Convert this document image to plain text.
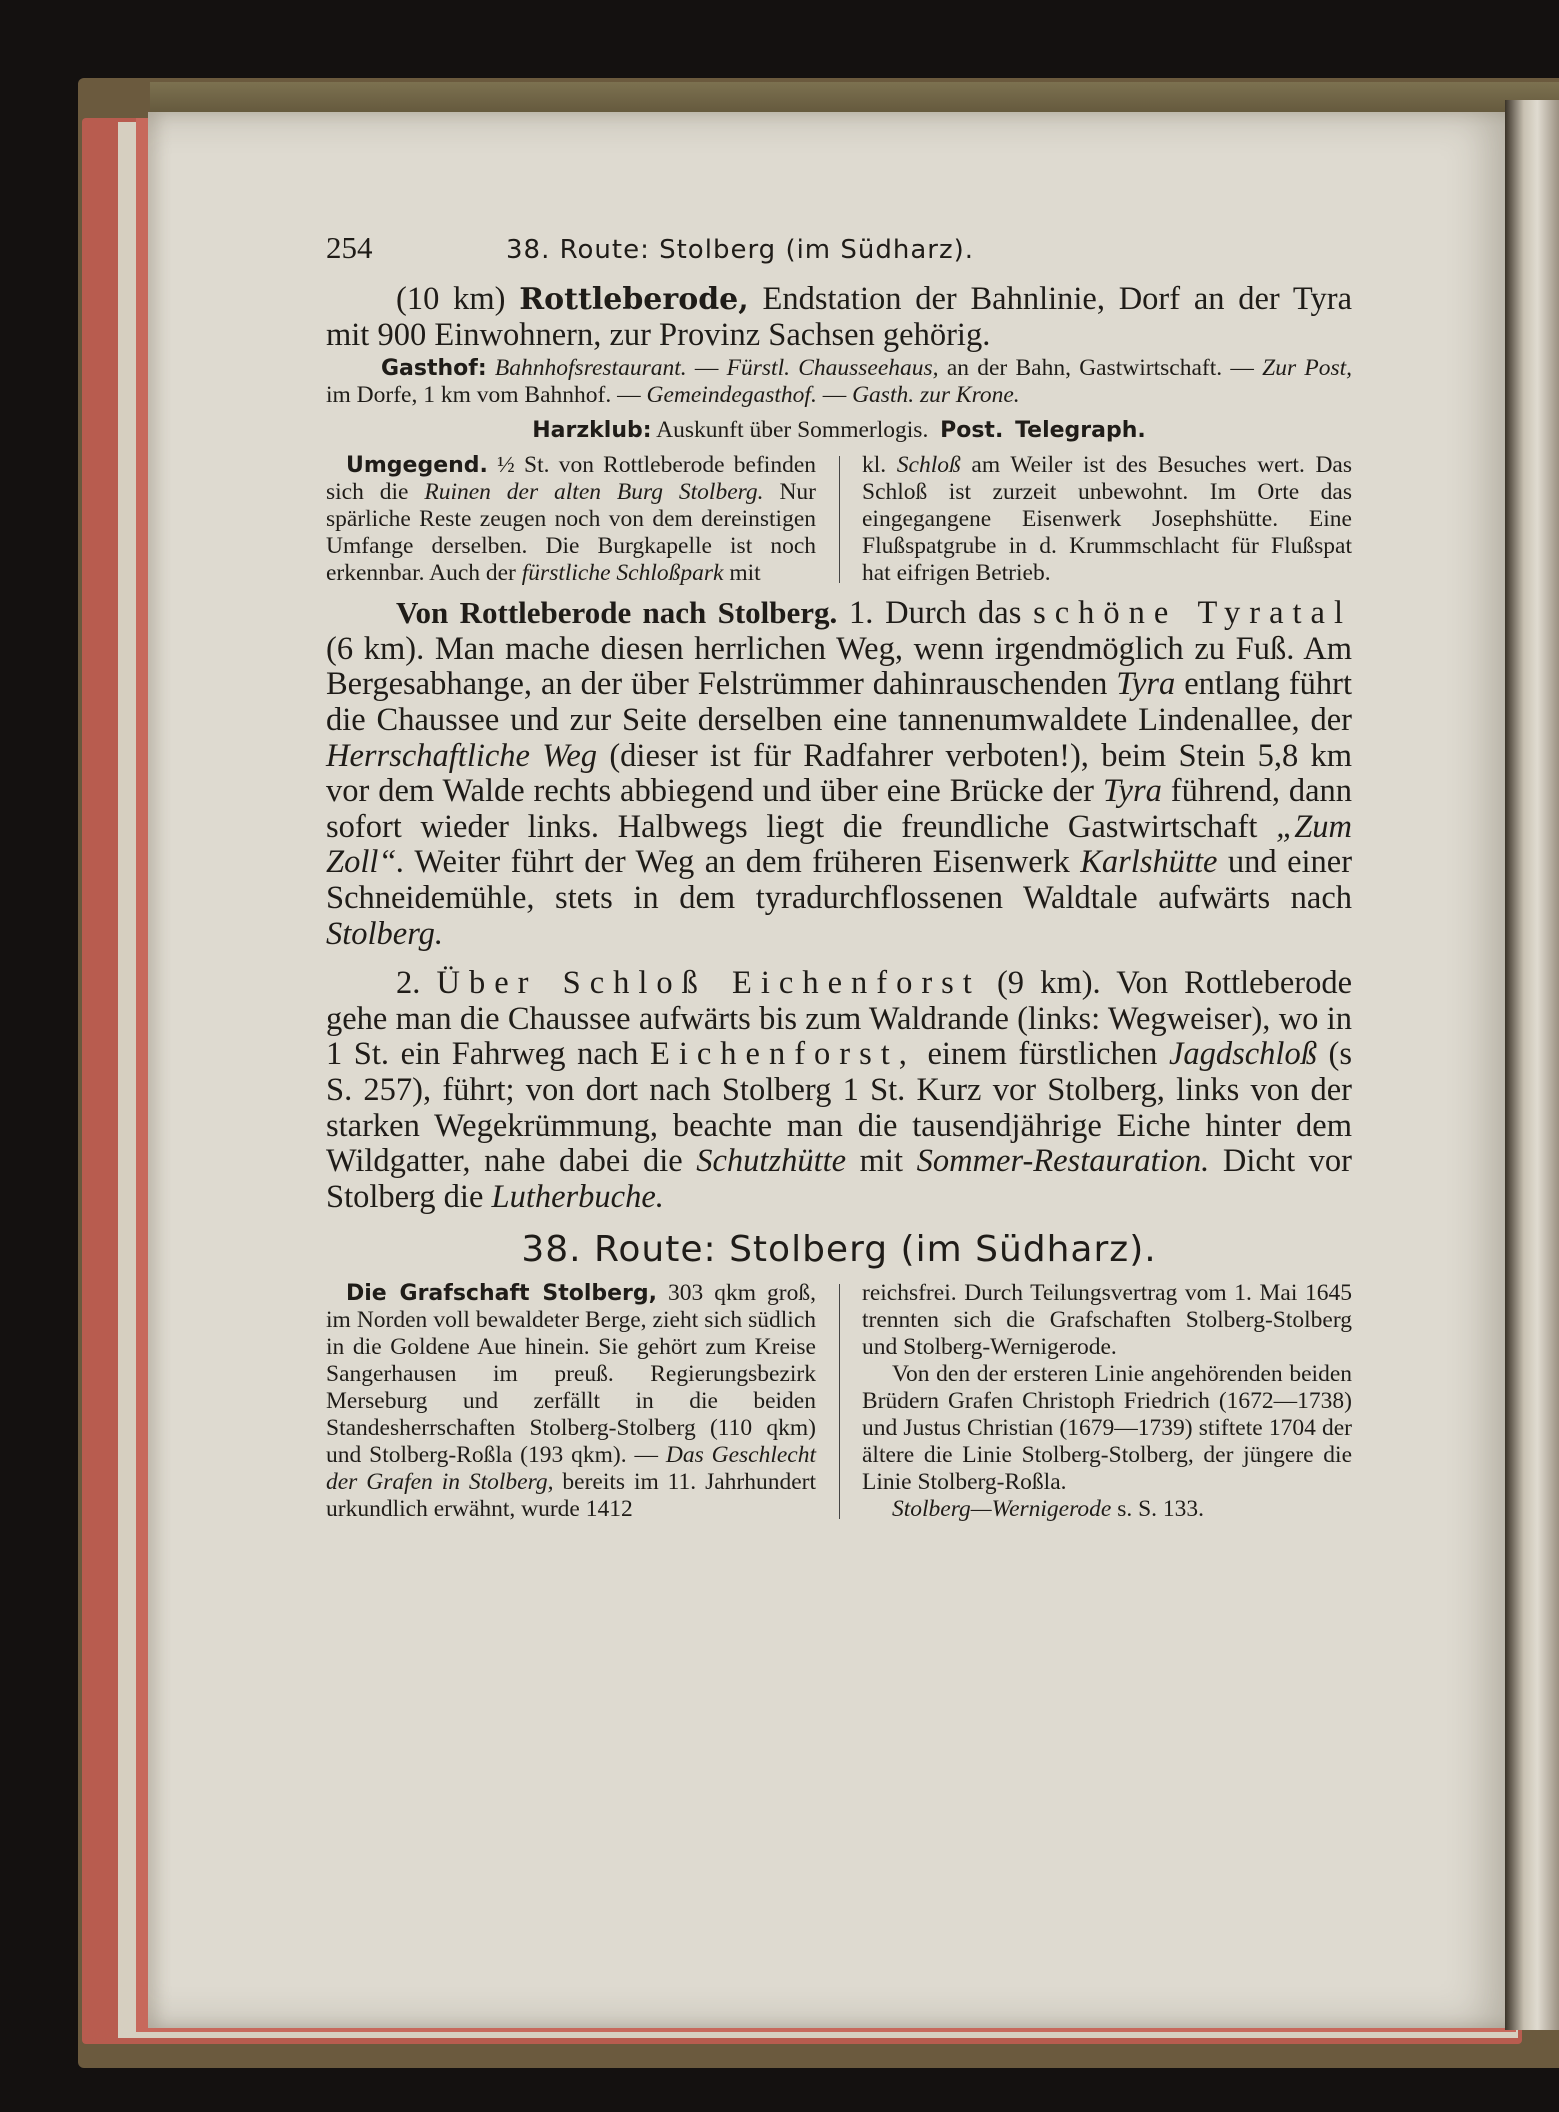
254	38. Route: Stolberg (im Südharz).

(10 km) Rottleberode, Endstation der Bahnlinie, Dorf an der Tyra mit 900 Einwohnern, zur Provinz Sachsen gehörig.

Gasthof: Bahnhofsrestaurant. — Fürstl. Chausseehaus, an der Bahn, Gastwirtschaft. — Zur Post, im Dorfe, 1 km vom Bahnhof. — Gemeindegasthof. — Gasth. zur Krone.

Harzklub: Auskunft über Sommerlogis. Post. Telegraph.

Umgegend. ½ St. von Rottleberode befinden sich die Ruinen der alten Burg Stolberg. Nur spärliche Reste zeugen noch von dem dereinstigen Umfange derselben. Die Burgkapelle ist noch erkennbar. Auch der fürstliche Schloßpark mit
kl. Schloß am Weiler ist des Besuches wert. Das Schloß ist zurzeit unbewohnt. Im Orte das eingegangene Eisenwerk Josephshütte. Eine Flußspatgrube in d. Krummschlacht für Flußspat hat eifrigen Betrieb.

Von Rottleberode nach Stolberg. 1. Durch das schöne Tyratal (6 km). Man mache diesen herrlichen Weg, wenn irgendmöglich zu Fuß. Am Bergesabhange, an der über Felstrümmer dahinrauschenden Tyra entlang führt die Chaussee und zur Seite derselben eine tannenumwaldete Lindenallee, der Herrschaftliche Weg (dieser ist für Radfahrer verboten!), beim Stein 5,8 km vor dem Walde rechts abbiegend und über eine Brücke der Tyra führend, dann sofort wieder links. Halbwegs liegt die freundliche Gastwirtschaft „Zum Zoll“. Weiter führt der Weg an dem früheren Eisenwerk Karlshütte und einer Schneidemühle, stets in dem tyradurchflossenen Waldtale aufwärts nach Stolberg.

2. Über Schloß Eichenforst (9 km). Von Rottleberode gehe man die Chaussee aufwärts bis zum Waldrande (links: Wegweiser), wo in 1 St. ein Fahrweg nach Eichenforst, einem fürstlichen Jagdschloß (s S. 257), führt; von dort nach Stolberg 1 St. Kurz vor Stolberg, links von der starken Wegekrümmung, beachte man die tausendjährige Eiche hinter dem Wildgatter, nahe dabei die Schutzhütte mit Sommer-Restauration. Dicht vor Stolberg die Lutherbuche.

38. Route: Stolberg (im Südharz).
Die Grafschaft Stolberg, 303 qkm groß, im Norden voll bewaldeter Berge, zieht sich südlich in die Goldene Aue hinein. Sie gehört zum Kreise Sangerhausen im preuß. Regierungsbezirk Merseburg und zerfällt in die beiden Standesherrschaften Stolberg-Stolberg (110 qkm) und Stolberg-Roßla (193 qkm). — Das Geschlecht der Grafen in Stolberg, bereits im 11. Jahrhundert urkundlich erwähnt, wurde 1412
reichsfrei. Durch Teilungsvertrag vom 1. Mai 1645 trennten sich die Grafschaften Stolberg-Stolberg und Stolberg-Wernigerode.
Von den der ersteren Linie angehörenden beiden Brüdern Grafen Christoph Friedrich (1672—1738) und Justus Christian (1679—1739) stiftete 1704 der ältere die Linie Stolberg-Stolberg, der jüngere die Linie Stolberg-Roßla.
Stolberg—Wernigerode s. S. 133.
